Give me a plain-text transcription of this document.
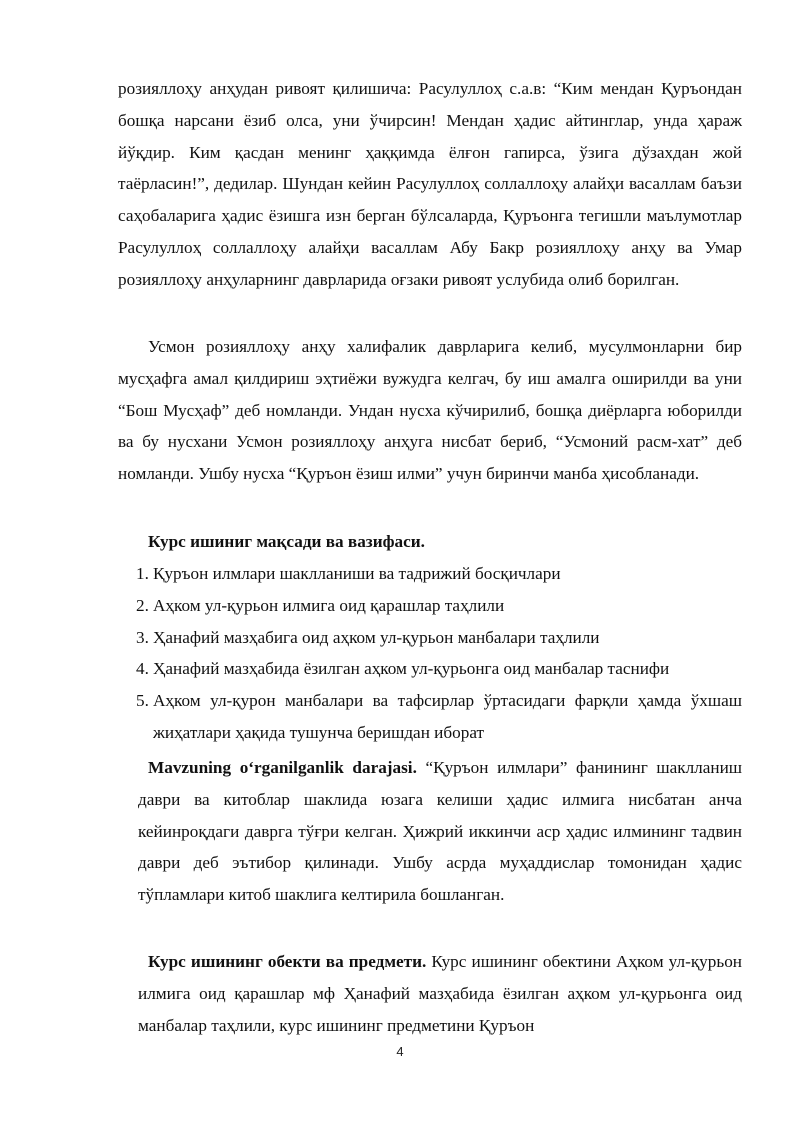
розияллоҳу анҳудан ривоят қилишича: Расулуллоҳ с.а.в: “Ким мендан Қуръондан бошқа нарсани ёзиб олса, уни ўчирсин! Мендан ҳадис айтинглар, унда ҳараж йўқдир. Ким қасдан менинг ҳаққимда ёлғон гапирса, ўзига дўзахдан жой таёрласин!”, дедилар. Шундан кейин Расулуллоҳ соллаллоҳу алайҳи васаллам баъзи саҳобаларига ҳадис ёзишга изн берган бўлсаларда, Қуръонга тегишли маълумотлар Расулуллоҳ соллаллоҳу алайҳи васаллам Абу Бакр розияллоҳу анҳу ва Умар розияллоҳу анҳуларнинг даврларида оғзаки ривоят услубида олиб борилган.
Усмон розияллоҳу анҳу халифалик даврларига келиб, мусулмонларни бир мусҳафга амал қилдириш эҳтиёжи вужудга келгач, бу иш амалга оширилди ва уни “Бош Мусҳаф” деб номланди. Ундан нусха кўчирилиб, бошқа диёрларга юборилди ва бу нусхани Усмон розияллоҳу анҳуга нисбат бериб, “Усмоний расм-хат” деб номланди. Ушбу нусха “Қуръон ёзиш илми” учун биринчи манба ҳисобланади.
Курс ишиниг мақсади ва вазифаси.
1. Қуръон илмлари шаклланиши ва тадрижий босқичлари
2. Аҳком ул-қурьон илмига оид қарашлар таҳлили
3. Ҳанафий мазҳабига оид аҳком ул-қурьон манбалари таҳлили
4. Ҳанафий мазҳабида ёзилган аҳком ул-қурьонга оид манбалар таснифи
5. Аҳком ул-қурон манбалари ва тафсирлар ўртасидаги фарқли ҳамда ўхшаш жиҳатлари ҳақида тушунча беришдан иборат
Mavzuning o‘rganilganlik darajasi. “Қуръон илмлари” фанининг шаклланиш даври ва китоблар шаклида юзага келиши ҳадис илмига нисбатан анча кейинроқдаги даврга тўғри келган. Ҳижрий иккинчи аср ҳадис илмининг тадвин даври деб эътибор қилинади. Ушбу асрда муҳаддислар томонидан ҳадис тўпламлари китоб шаклига келтирила бошланган.
Курс ишининг обекти ва предмети. Курс ишининг обектини Аҳком ул-қурьон илмига оид қарашлар мф Ҳанафий мазҳабида ёзилган аҳком ул-қурьонга оид манбалар таҳлили, курс ишининг предметини Қуръон
4
